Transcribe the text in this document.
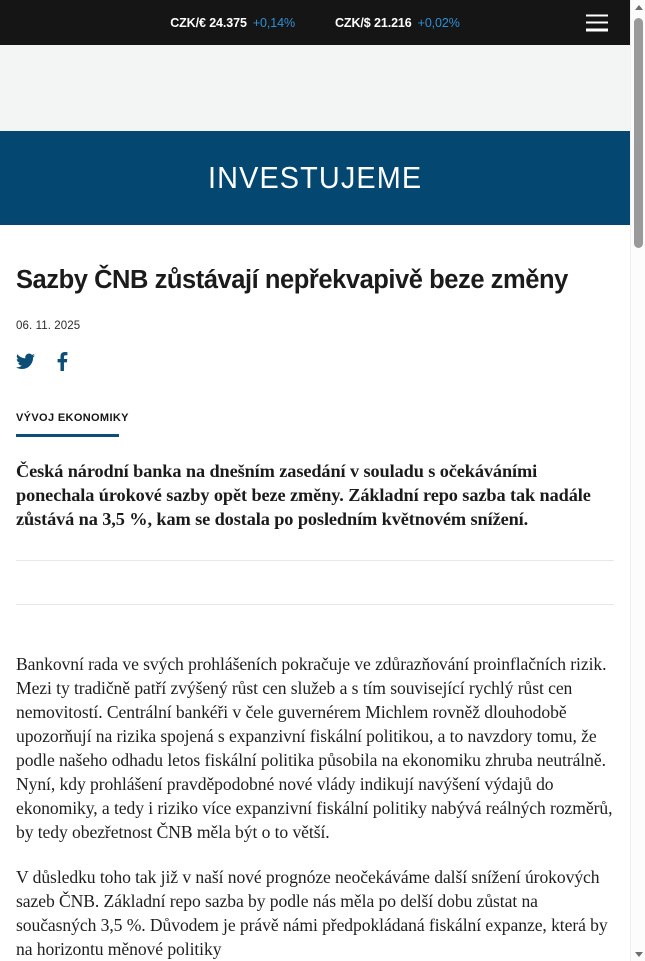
CZK/€ 24.375 +0,14%	CZK/$ 21.216 +0,02%
INVESTUJEME
Sazby ČNB zůstávají nepřekvapivě beze změny
06. 11. 2025
VÝVOJ EKONOMIKY

Česká národní banka na dnešním zasedání v souladu s očekáváními ponechala úrokové sazby opět beze změny. Základní repo sazba tak nadále zůstává na 3,5 %, kam se dostala po posledním květnovém snížení.

Bankovní rada ve svých prohlášeních pokračuje ve zdůrazňování proinflačních rizik. Mezi ty tradičně patří zvýšený růst cen služeb a s tím související rychlý růst cen nemovitostí. Centrální bankéři v čele guvernérem Michlem rovněž dlouhodobě upozorňují na rizika spojená s expanzivní fiskální politikou, a to navzdory tomu, že podle našeho odhadu letos fiskální politika působila na ekonomiku zhruba neutrálně. Nyní, kdy prohlášení pravděpodobné nové vlády indikují navýšení výdajů do ekonomiky, a tedy i riziko více expanzivní fiskální politiky nabývá reálných rozměrů, by tedy obezřetnost ČNB měla být o to větší.

V důsledku toho tak již v naší nové prognóze neočekáváme další snížení úrokových sazeb ČNB. Základní repo sazba by podle nás měla po delší dobu zůstat na současných 3,5 %. Důvodem je právě námi předpokládaná fiskální expanze, která by na horizontu měnové politiky
